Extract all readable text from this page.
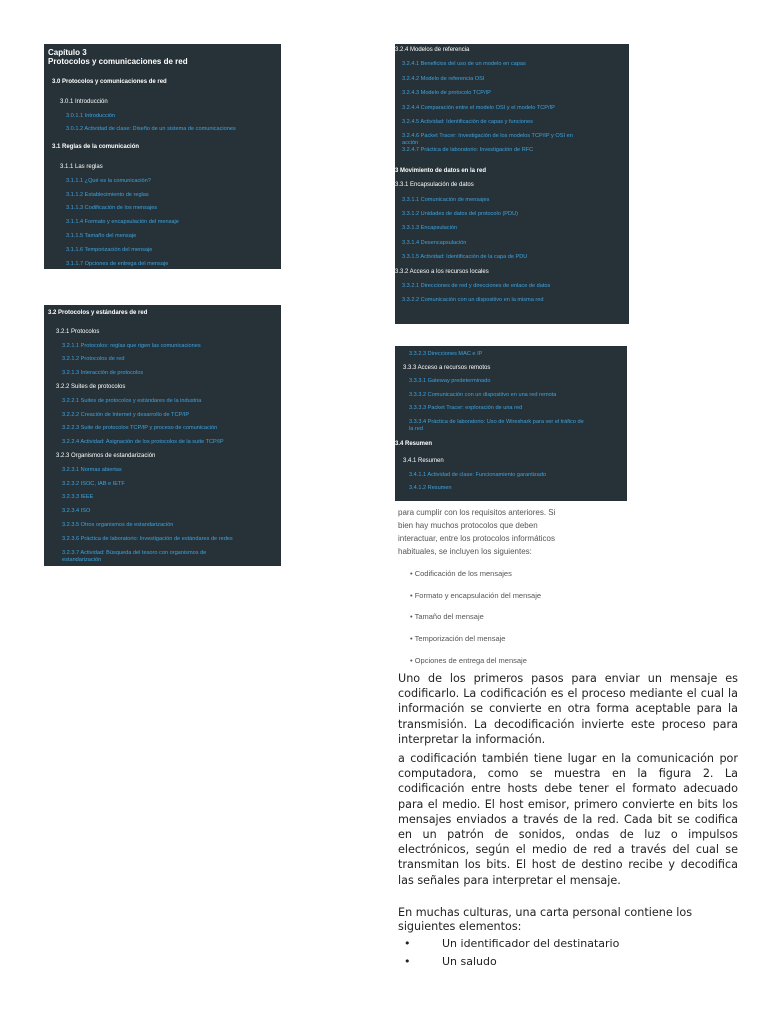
Capítulo 3
Protocolos y comunicaciones de red
3.0 Protocolos y comunicaciones de red
3.0.1 Introducción
3.0.1.1 Introducción
3.0.1.2 Actividad de clase: Diseño de un sistema de comunicaciones
3.1 Reglas de la comunicación
3.1.1 Las reglas
3.1.1.1 ¿Qué es la comunicación?
3.1.1.2 Establecimiento de reglas
3.1.1.3 Codificación de los mensajes
3.1.1.4 Formato y encapsulación del mensaje
3.1.1.5 Tamaño del mensaje
3.1.1.6 Temporización del mensaje
3.1.1.7 Opciones de entrega del mensaje
3.2 Protocolos y estándares de red
3.2.1 Protocolos
3.2.1.1 Protocolos: reglas que rigen las comunicaciones
3.2.1.2 Protocolos de red
3.2.1.3 Interacción de protocolos
3.2.2 Suites de protocolos
3.2.2.1 Suites de protocolos y estándares de la industria
3.2.2.2 Creación de Internet y desarrollo de TCP/IP
3.2.2.3 Suite de protocolos TCP/IP y proceso de comunicación
3.2.2.4 Actividad: Asignación de los protocolos de la suite TCP/IP
3.2.3 Organismos de estandarización
3.2.3.1 Normas abiertas
3.2.3.2 ISOC, IAB e IETF
3.2.3.3 IEEE
3.2.3.4 ISO
3.2.3.5 Otros organismos de estandarización
3.2.3.6 Práctica de laboratorio: Investigación de estándares de redes
3.2.3.7 Actividad: Búsqueda del tesoro con organismos de
estandarización
3.2.4 Modelos de referencia
3.2.4.1 Beneficios del uso de un modelo en capas
3.2.4.2 Modelo de referencia OSI
3.2.4.3 Modelo de protocolo TCP/IP
3.2.4.4 Comparación entre el modelo OSI y el modelo TCP/IP
3.2.4.5 Actividad: Identificación de capas y funciones
3.2.4.6 Packet Tracer: Investigación de los modelos TCP/IP y OSI en
acción
3.2.4.7 Práctica de laboratorio: Investigación de RFC
3 Movimiento de datos en la red
3.3.1 Encapsulación de datos
3.3.1.1 Comunicación de mensajes
3.3.1.2 Unidades de datos del protocolo (PDU)
3.3.1.3 Encapsulación
3.3.1.4 Desencapsulación
3.3.1.5 Actividad: Identificación de la capa de PDU
3.3.2 Acceso a los recursos locales
3.3.2.1 Direcciones de red y direcciones de enlace de datos
3.3.2.2 Comunicación con un dispositivo en la misma red
3.3.2.3 Direcciones MAC e IP
3.3.3 Acceso a recursos remotos
3.3.3.1 Gateway predeterminado
3.3.3.2 Comunicación con un dispositivo en una red remota
3.3.3.3 Packet Tracer: exploración de una red
3.3.3.4 Práctica de laboratorio: Uso de Wireshark para ver el tráfico de
la red
3.4 Resumen
3.4.1 Resumen
3.4.1.1 Actividad de clase: Funcionamiento garantizado
3.4.1.2 Resumen
para cumplir con los requisitos anteriores. Si
bien hay muchos protocolos que deben
interactuar, entre los protocolos informáticos
habituales, se incluyen los siguientes:
• Codificación de los mensajes
• Formato y encapsulación del mensaje
• Tamaño del mensaje
• Temporización del mensaje
• Opciones de entrega del mensaje
Uno de los primeros pasos para enviar un mensaje es codificarlo. La codificación es el proceso mediante el cual la información se convierte en otra forma aceptable para la transmisión. La decodificación invierte este proceso para interpretar la información.
a codificación también tiene lugar en la comunicación por computadora, como se muestra en la figura 2. La codificación entre hosts debe tener el formato adecuado para el medio. El host emisor, primero convierte en bits los mensajes enviados a través de la red. Cada bit se codifica en un patrón de sonidos, ondas de luz o impulsos electrónicos, según el medio de red a través del cual se transmitan los bits. El host de destino recibe y decodifica las señales para interpretar el mensaje.
En muchas culturas, una carta personal contiene los siguientes elementos:
•	Un identificador del destinatario
•	Un saludo
